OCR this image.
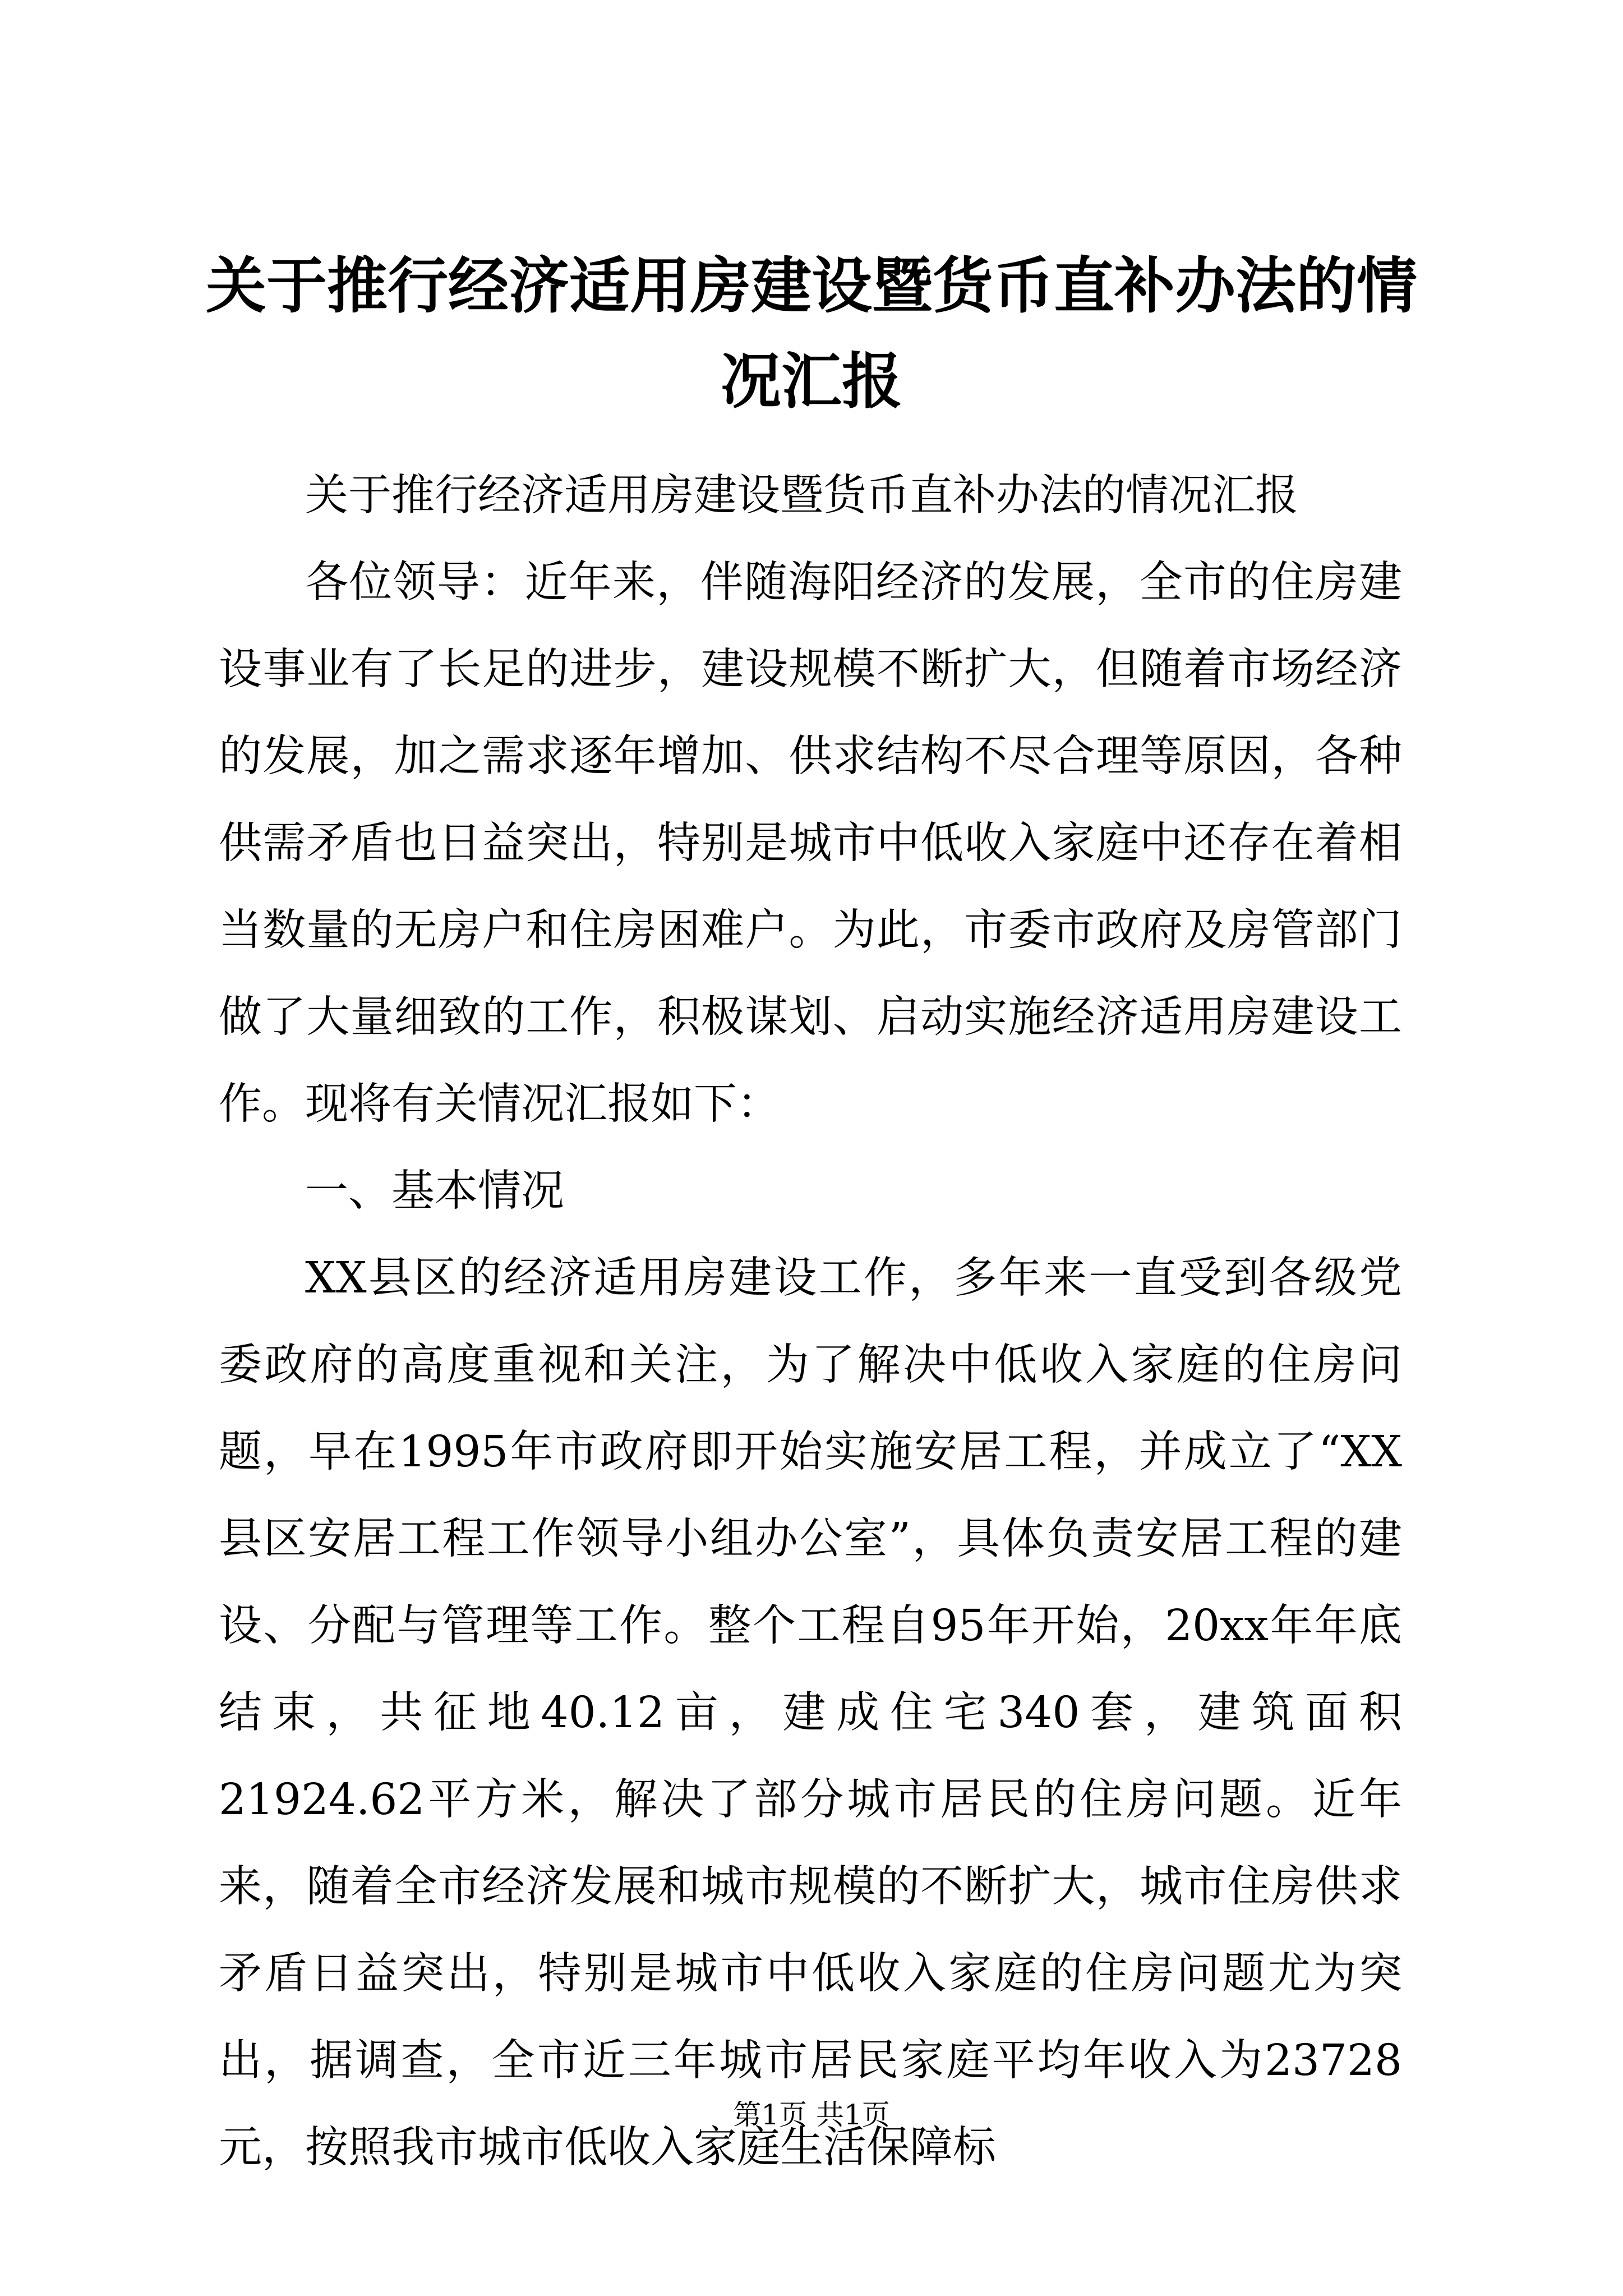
关于推行经济适用房建设暨货币直补办法的情况汇报

关于推行经济适用房建设暨货币直补办法的情况汇报

各位领导：近年来，伴随海阳经济的发展，全市的住房建设事业有了长足的进步，建设规模不断扩大，但随着市场经济的发展，加之需求逐年增加、供求结构不尽合理等原因，各种供需矛盾也日益突出，特别是城市中低收入家庭中还存在着相当数量的无房户和住房困难户。为此，市委市政府及房管部门做了大量细致的工作，积极谋划、启动实施经济适用房建设工作。现将有关情况汇报如下：

一、基本情况

XX县区的经济适用房建设工作，多年来一直受到各级党委政府的高度重视和关注，为了解决中低收入家庭的住房问题，早在1995年市政府即开始实施安居工程，并成立了“XX县区安居工程工作领导小组办公室”，具体负责安居工程的建设、分配与管理等工作。整个工程自95年开始，20xx年年底结束，共征地40.12亩，建成住宅340套，建筑面积21924.62平方米，解决了部分城市居民的住房问题。近年来，随着全市经济发展和城市规模的不断扩大，城市住房供求矛盾日益突出，特别是城市中低收入家庭的住房问题尤为突出，据调查，全市近三年城市居民家庭平均年收入为23728元，按照我市城市低收入家庭生活保障标

第1页 共1页
